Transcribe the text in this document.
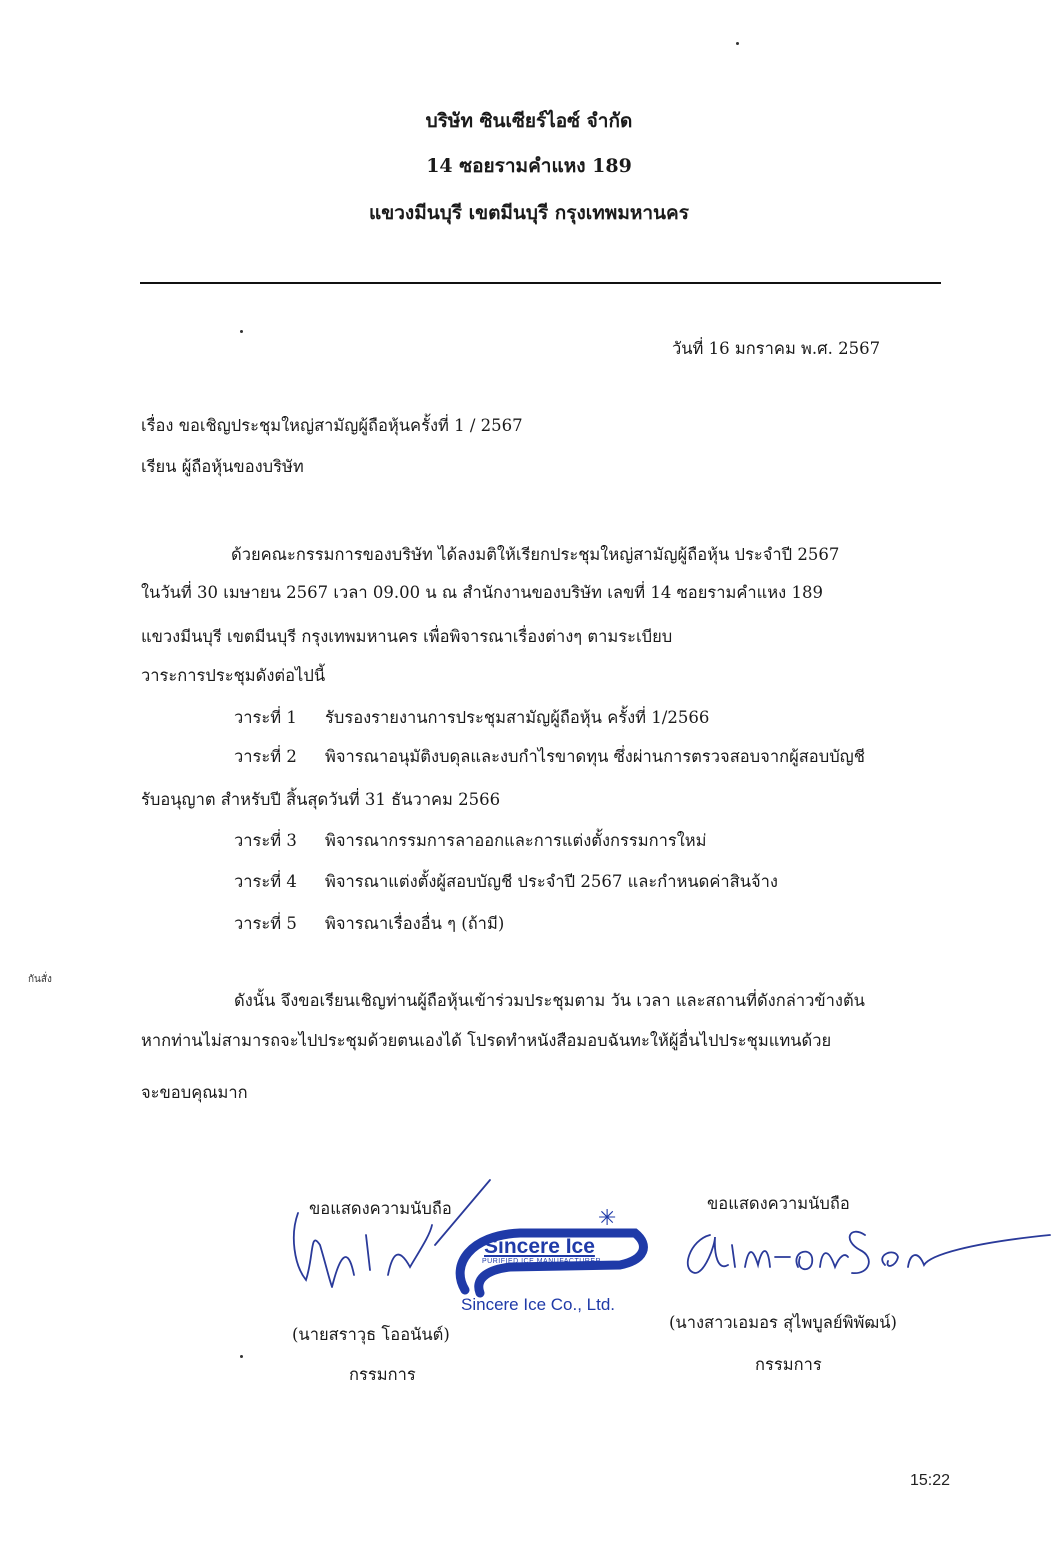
บริษัท ซินเซียร์ไอซ์ จำกัด
14 ซอยรามคำแหง 189
แขวงมีนบุรี เขตมีนบุรี กรุงเทพมหานคร
วันที่ 16 มกราคม พ.ศ. 2567
เรื่อง ขอเชิญประชุมใหญ่สามัญผู้ถือหุ้นครั้งที่ 1 / 2567
เรียน ผู้ถือหุ้นของบริษัท
ด้วยคณะกรรมการของบริษัท ได้ลงมติให้เรียกประชุมใหญ่สามัญผู้ถือหุ้น ประจำปี 2567
ในวันที่ 30 เมษายน 2567 เวลา 09.00 น ณ สำนักงานของบริษัท เลขที่ 14 ซอยรามคำแหง 189
แขวงมีนบุรี เขตมีนบุรี กรุงเทพมหานคร เพื่อพิจารณาเรื่องต่างๆ ตามระเบียบ
วาระการประชุมดังต่อไปนี้
วาระที่ 1 รับรองรายงานการประชุมสามัญผู้ถือหุ้น ครั้งที่ 1/2566
วาระที่ 2 พิจารณาอนุมัติงบดุลและงบกำไรขาดทุน ซึ่งผ่านการตรวจสอบจากผู้สอบบัญชี
รับอนุญาต สำหรับปี สิ้นสุดวันที่ 31 ธันวาคม 2566
วาระที่ 3 พิจารณากรรมการลาออกและการแต่งตั้งกรรมการใหม่
วาระที่ 4 พิจารณาแต่งตั้งผู้สอบบัญชี ประจำปี 2567 และกำหนดค่าสินจ้าง
วาระที่ 5 พิจารณาเรื่องอื่น ๆ (ถ้ามี)
กันสั่ง
ดังนั้น จึงขอเรียนเชิญท่านผู้ถือหุ้นเข้าร่วมประชุมตาม วัน เวลา และสถานที่ดังกล่าวข้างต้น
หากท่านไม่สามารถจะไปประชุมด้วยตนเองได้ โปรดทำหนังสือมอบฉันทะให้ผู้อื่นไปประชุมแทนด้วย
จะขอบคุณมาก
ขอแสดงความนับถือ
(นายสราวุธ โออนันต์)
กรรมการ
✳
Sincere Ice
PURIFIED ICE MANUFACTURER
Sincere Ice Co., Ltd.
ขอแสดงความนับถือ
(นางสาวเอมอร สุไพบูลย์พิพัฒน์)
กรรมการ
15:22
